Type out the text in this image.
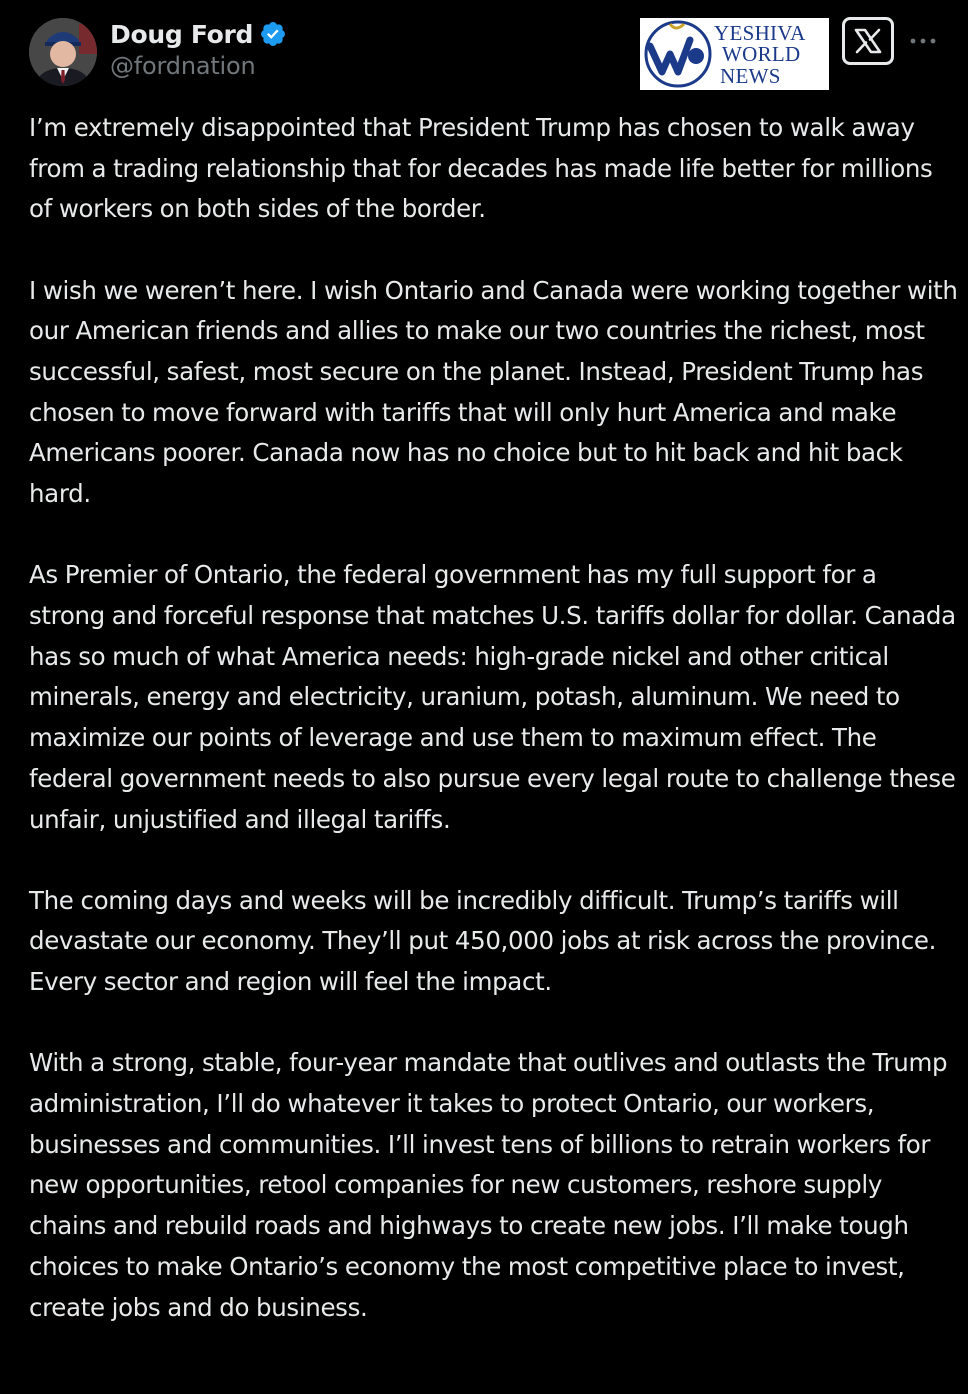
Doug Ford
@fordnation
YESHIVA
WORLD
NEWS

I’m extremely disappointed that President Trump has chosen to walk away from a trading relationship that for decades has made life better for millions of workers on both sides of the border.

I wish we weren’t here. I wish Ontario and Canada were working together with our American friends and allies to make our two countries the richest, most successful, safest, most secure on the planet. Instead, President Trump has chosen to move forward with tariffs that will only hurt America and make Americans poorer. Canada now has no choice but to hit back and hit back hard.

As Premier of Ontario, the federal government has my full support for a strong and forceful response that matches U.S. tariffs dollar for dollar. Canada has so much of what America needs: high-grade nickel and other critical minerals, energy and electricity, uranium, potash, aluminum. We need to maximize our points of leverage and use them to maximum effect. The federal government needs to also pursue every legal route to challenge these unfair, unjustified and illegal tariffs.

The coming days and weeks will be incredibly difficult. Trump’s tariffs will devastate our economy. They’ll put 450,000 jobs at risk across the province. Every sector and region will feel the impact.

With a strong, stable, four-year mandate that outlives and outlasts the Trump administration, I’ll do whatever it takes to protect Ontario, our workers, businesses and communities. I’ll invest tens of billions to retrain workers for new opportunities, retool companies for new customers, reshore supply chains and rebuild roads and highways to create new jobs. I’ll make tough choices to make Ontario’s economy the most competitive place to invest, create jobs and do business.
